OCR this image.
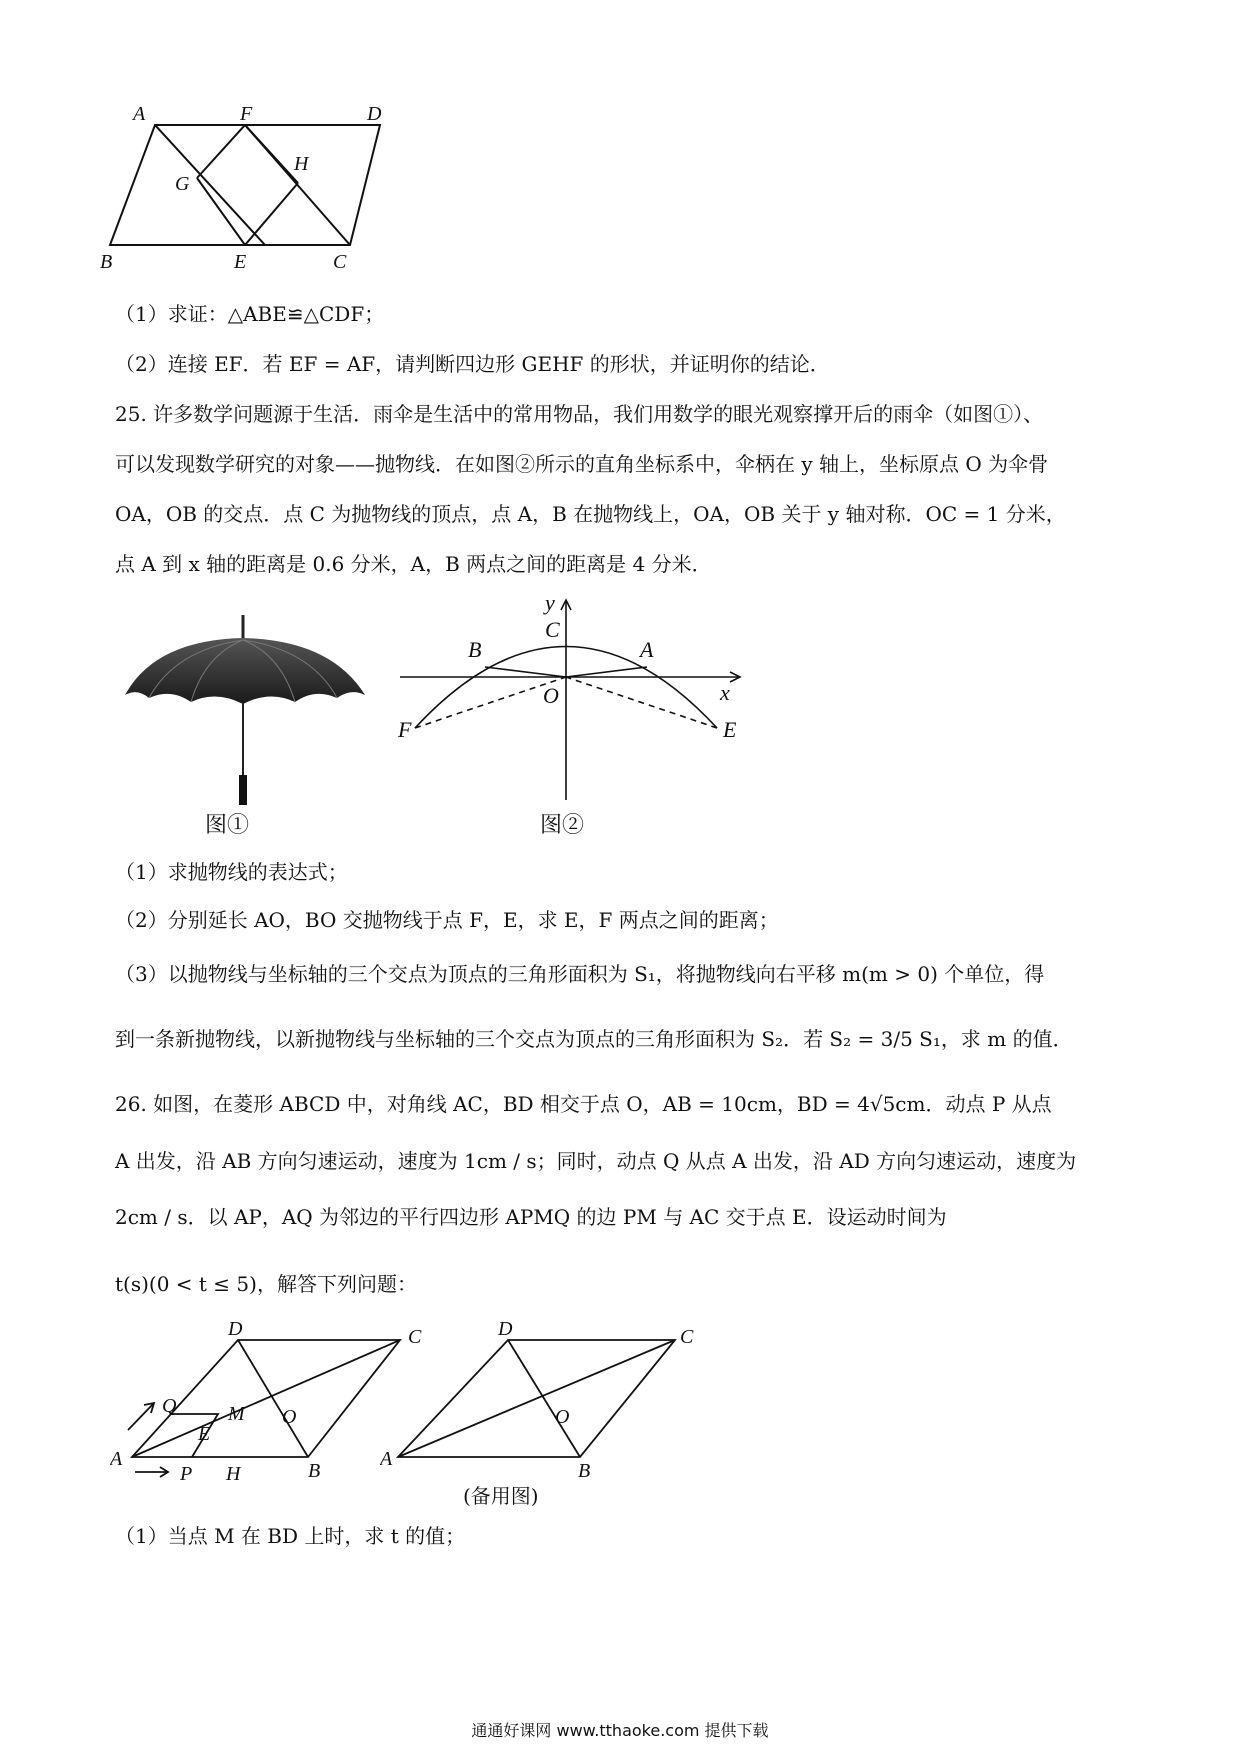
A	F	D
G
H
B	E	C
（1）求证：△ABE≌△CDF；
（2）连接 EF．若 EF = AF，请判断四边形 GEHF 的形状，并证明你的结论．
25. 许多数学问题源于生活．雨伞是生活中的常用物品，我们用数学的眼光观察撑开后的雨伞（如图①）、
可以发现数学研究的对象——抛物线．在如图②所示的直角坐标系中，伞柄在 y 轴上，坐标原点 O 为伞骨
OA，OB 的交点．点 C 为抛物线的顶点，点 A，B 在抛物线上，OA，OB 关于 y 轴对称．OC = 1 分米，
点 A 到 x 轴的距离是 0.6 分米，A，B 两点之间的距离是 4 分米．
图①
y
x
C
B	A
O
F	E
图②
（1）求抛物线的表达式；
（2）分别延长 AO，BO 交抛物线于点 F，E，求 E，F 两点之间的距离；
（3）以抛物线与坐标轴的三个交点为顶点的三角形面积为 S₁，将抛物线向右平移 m(m > 0) 个单位，得
到一条新抛物线，以新抛物线与坐标轴的三个交点为顶点的三角形面积为 S₂．若 S₂ = 3/5 S₁，求 m 的值．
26. 如图，在菱形 ABCD 中，对角线 AC，BD 相交于点 O，AB = 10cm，BD = 4√5cm．动点 P 从点
A 出发，沿 AB 方向匀速运动，速度为 1cm / s；同时，动点 Q 从点 A 出发，沿 AD 方向匀速运动，速度为
2cm / s．以 AP，AQ 为邻边的平行四边形 APMQ 的边 PM 与 AC 交于点 E．设运动时间为
t(s)(0 < t ≤ 5)，解答下列问题：
D	C
Q	M O
E
A
P H	B
D	C
O
A
B
(备用图)
（1）当点 M 在 BD 上时，求 t 的值；
通通好课网 www.tthaoke.com 提供下载
